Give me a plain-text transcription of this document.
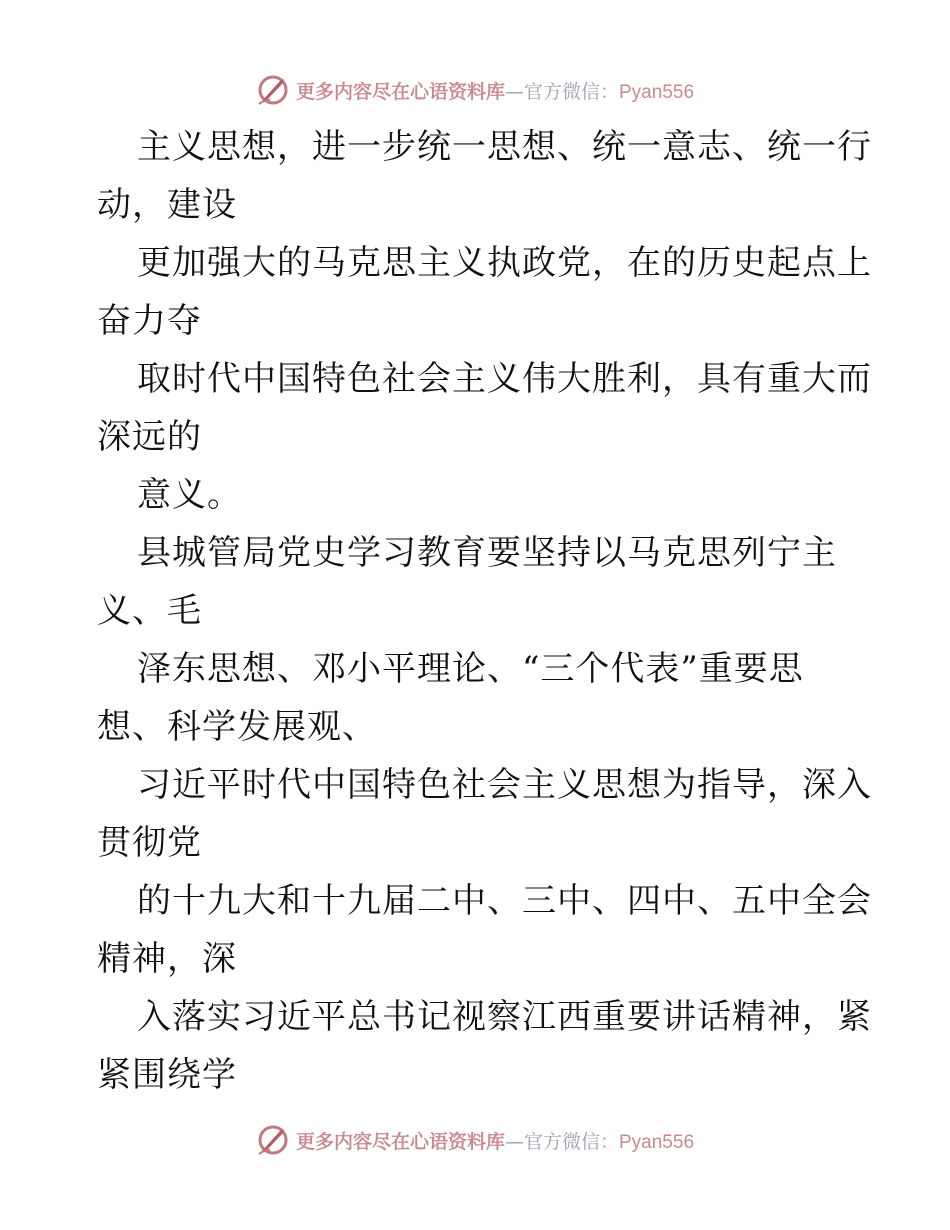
更多内容尽在心语资料库—官方微信：Pyan556
主义思想，进一步统一思想、统一意志、统一行
动，建设
更加强大的马克思主义执政党，在的历史起点上
奋力夺
取时代中国特色社会主义伟大胜利，具有重大而
深远的
意义。
县城管局党史学习教育要坚持以马克思列宁主
义、毛
泽东思想、邓小平理论、“三个代表”重要思
想、科学发展观、
习近平时代中国特色社会主义思想为指导，深入
贯彻党
的十九大和十九届二中、三中、四中、五中全会
精神，深
入落实习近平总书记视察江西重要讲话精神，紧
紧围绕学
更多内容尽在心语资料库—官方微信：Pyan556
